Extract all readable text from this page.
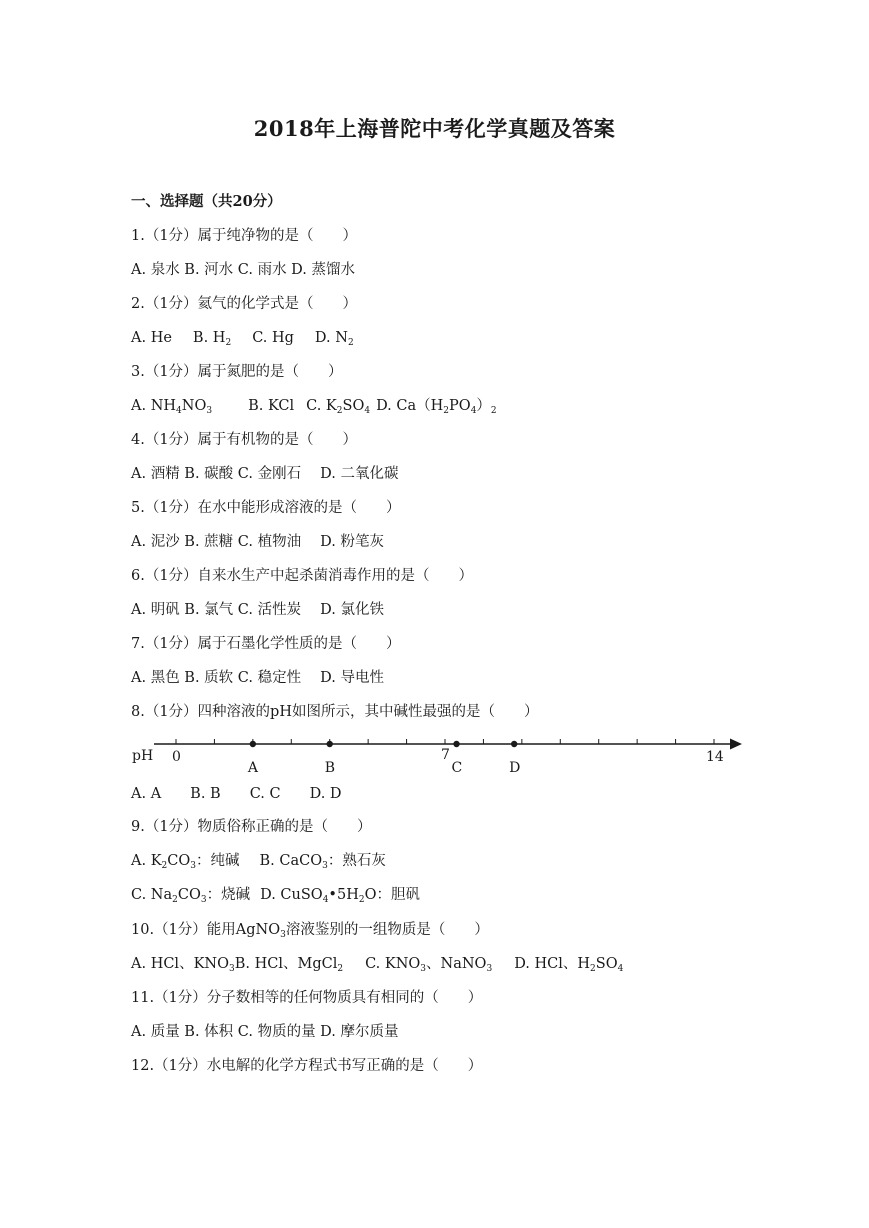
2018年上海普陀中考化学真题及答案
一、选择题（共20分）
1.（1分）属于纯净物的是（　　）
A. 泉水 B. 河水 C. 雨水 D. 蒸馏水
2.（1分）氦气的化学式是（　　）
A. He B. $H_2$ C. Hg D. $N_2$
3.（1分）属于氮肥的是（　　）
A. $NH_4NO_3$ B. KCl C. $K_2SO_4$ D. $Ca(H_2PO_4)_2$
4.（1分）属于有机物的是（　　）
A. 酒精 B. 碳酸 C. 金刚石　 D. 二氧化碳
5.（1分）在水中能形成溶液的是（　　）
A. 泥沙 B. 蔗糖 C. 植物油　 D. 粉笔灰
6.（1分）自来水生产中起杀菌消毒作用的是（　　）
A. 明矾 B. 氯气 C. 活性炭　 D. 氯化铁
7.（1分）属于石墨化学性质的是（　　）
A. 黑色 B. 质软 C. 稳定性　 D. 导电性
8.（1分）四种溶液的pH如图所示，其中碱性最强的是（　　）
pH 0	7	14
A	B	C	D
A. A　　B. B　　C. C　　D. D
9.（1分）物质俗称正确的是（　　）
A. $K_2CO_3$：纯碱 B. CaCO$_3$：熟石灰
C. $Na_2CO_3$：烧碱 D. $CuSO_4•5H_2O$：胆矾
10.（1分）能用AgNO$_3$溶液鉴别的一组物质是（　　）
A. HCl、$KNO_3B$. HCl、MgCl$_2$ C. $KNO_3$、NaNO$_3$ D. HCl、$H_2SO_4$
11.（1分）分子数相等的任何物质具有相同的（　　）
A. 质量 B. 体积 C. 物质的量 D. 摩尔质量
12.（1分）水电解的化学方程式书写正确的是（　　）
